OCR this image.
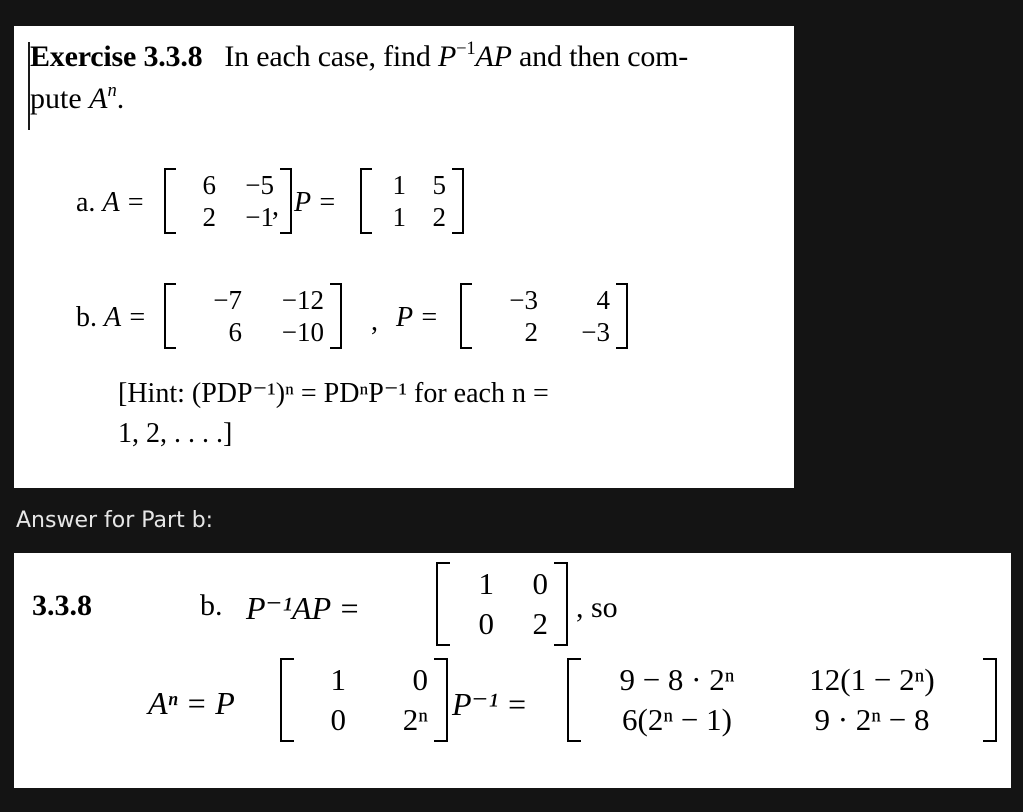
Exercise 3.3.8 In each case, find $P^{-1}AP$ and then com-
pute $A^n$.
a. A =
6	−5
2	−1
, P =
1 5
1 2
b. A =
−7	−12
6	−10 , P =
−3	4
2	−3
[Hint: (PDP⁻¹)ⁿ = PDⁿP⁻¹ for each n =
1, 2, . . . .]
Answer for Part b:
3.3.8	b. P⁻¹AP =
1	0
0	2 , so
Aⁿ = P
1	0
0	2ⁿ P⁻¹ =
9 − 8 · 2ⁿ	12(1 − 2ⁿ)
6(2ⁿ − 1)	9 · 2ⁿ − 8
